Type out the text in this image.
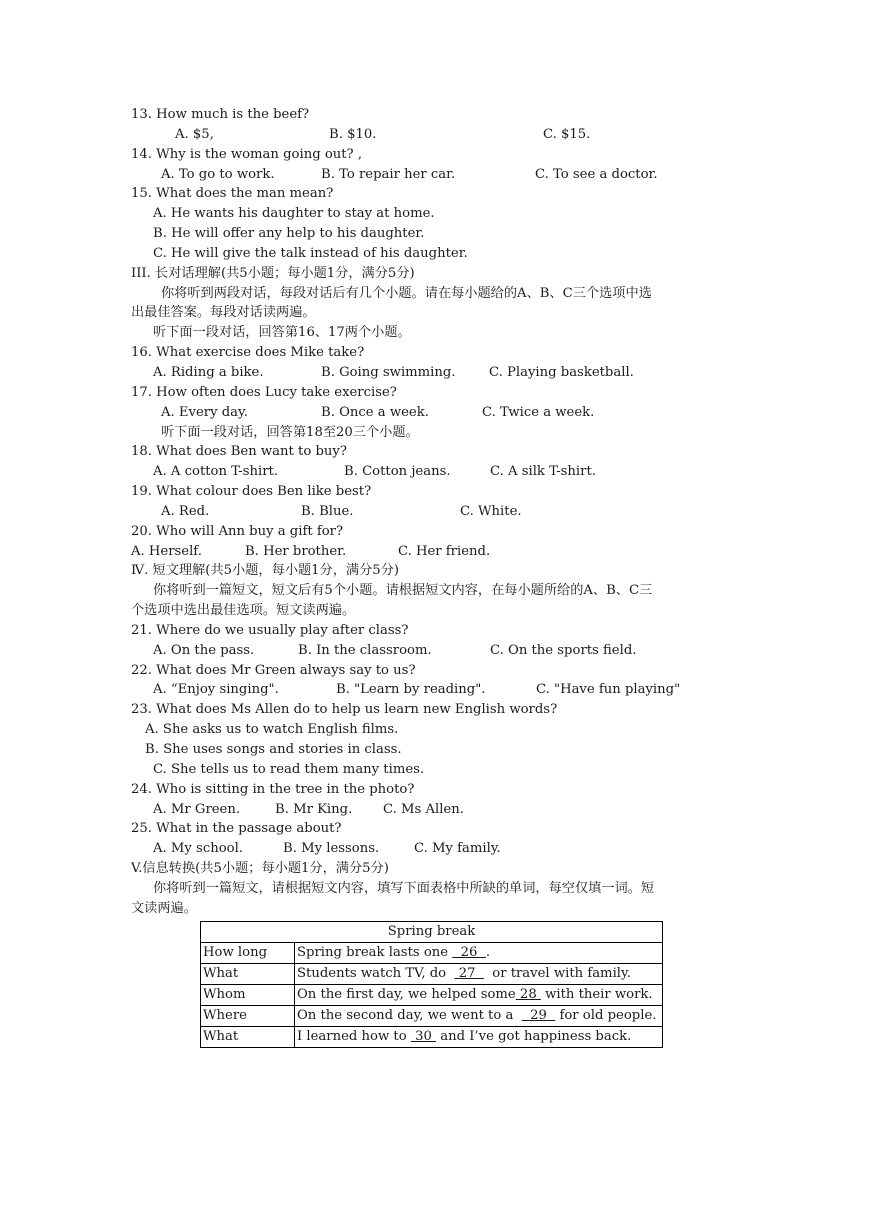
13. How much is the beef?
A. $5,	B. $10.	C. $15.
14. Why is the woman going out? ,
A. To go to work.	B. To repair her car.	C. To see a doctor.
15. What does the man mean?
A. He wants his daughter to stay at home.
B. He will offer any help to his daughter.
C. He will give the talk instead of his daughter.
III. 长对话理解(共5小题；每小题1分，满分5分)
你将听到两段对话，每段对话后有几个小题。请在每小题给的A、B、C三个选项中选
出最佳答案。每段对话读两遍。
听下面一段对话，回答第16、17两个小题。
16. What exercise does Mike take?
A. Riding a bike.	B. Going swimming.	C. Playing basketball.
17. How often does Lucy take exercise?
A. Every day.	B. Once a week.	C. Twice a week.
听下面一段对话，回答第18至20三个小题。
18. What does Ben want to buy?
A. A cotton T-shirt.	B. Cotton jeans.	C. A silk T-shirt.
19. What colour does Ben like best?
A. Red.	B. Blue.	C. White.
20. Who will Ann buy a gift for?
A. Herself.	B. Her brother.	C. Her friend.
Ⅳ. 短文理解(共5小题，每小题1分，满分5分)
你将听到一篇短文，短文后有5个小题。请根据短文内容，在每小题所给的A、B、C三
个选项中选出最佳选项。短文读两遍。
21. Where do we usually play after class?
A. On the pass.	B. In the classroom.	C. On the sports field.
22. What does Mr Green always say to us?
A. “Enjoy singing".	B. "Learn by reading".	C. "Have fun playing"
23. What does Ms Allen do to help us learn new English words?
A. She asks us to watch English films.
B. She uses songs and stories in class.
C. She tells us to read them many times.
24. Who is sitting in the tree in the photo?
A. Mr Green.	B. Mr King.	C. Ms Allen.
25. What in the passage about?
A. My school.	B. My lessons.	C. My family.
V.信息转换(共5小题；每小题1分，满分5分)
你将听到一篇短文，请根据短文内容，填写下面表格中所缺的单词，每空仅填一词。短
文读两遍。
Spring break	
How long	Spring break lasts one   26  .
What	Students watch TV, do   27    or travel with family.
Whom	On the first day, we helped some 28  with their work.
Where	On the second day, we went to a    29   for old people.
What	I learned how to  30  and I’ve got happiness back.
